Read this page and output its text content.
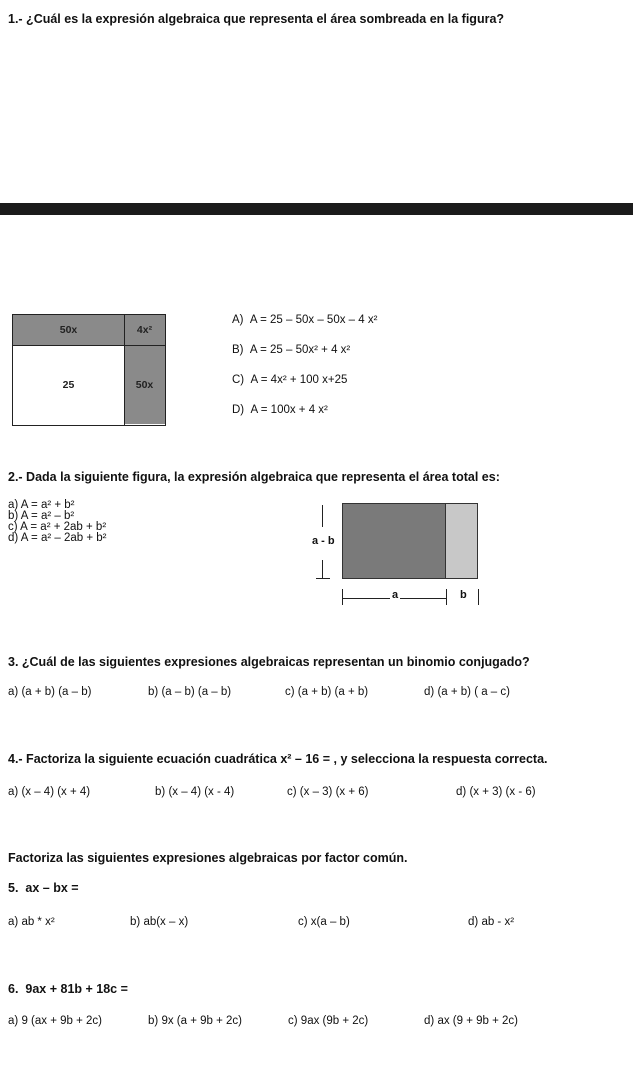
1.- ¿Cuál es la expresión algebraica que representa el área sombreada en la figura?
50x	4x²
25	50x
A) A = 25 – 50x – 50x – 4 x²
B) A = 25 – 50x² + 4 x²
C) A = 4x² + 100 x+25
D) A = 100x + 4 x²
2.- Dada la siguiente figura, la expresión algebraica que representa el área total es:
a) A = a² + b²
b) A = a² – b²
c) A = a² + 2ab + b²
d) A = a² – 2ab + b²	a - b
a	b
3. ¿Cuál de las siguientes expresiones algebraicas representan un binomio conjugado?
a) (a + b) (a – b)	b) (a – b) (a – b)	c) (a + b) (a + b)	d) (a + b) ( a – c)
4.- Factoriza la siguiente ecuación cuadrática x² – 16 = , y selecciona la respuesta correcta.
a) (x – 4) (x + 4)	b) (x – 4) (x - 4)	c) (x – 3) (x + 6)	d) (x + 3) (x - 6)
Factoriza las siguientes expresiones algebraicas por factor común.
5. ax – bx =
a) ab * x²	b) ab(x – x)	c) x(a – b)	d) ab - x²
6. 9ax + 81b + 18c =
a) 9 (ax + 9b + 2c)	b) 9x (a + 9b + 2c)	c) 9ax (9b + 2c)	d) ax (9 + 9b + 2c)
